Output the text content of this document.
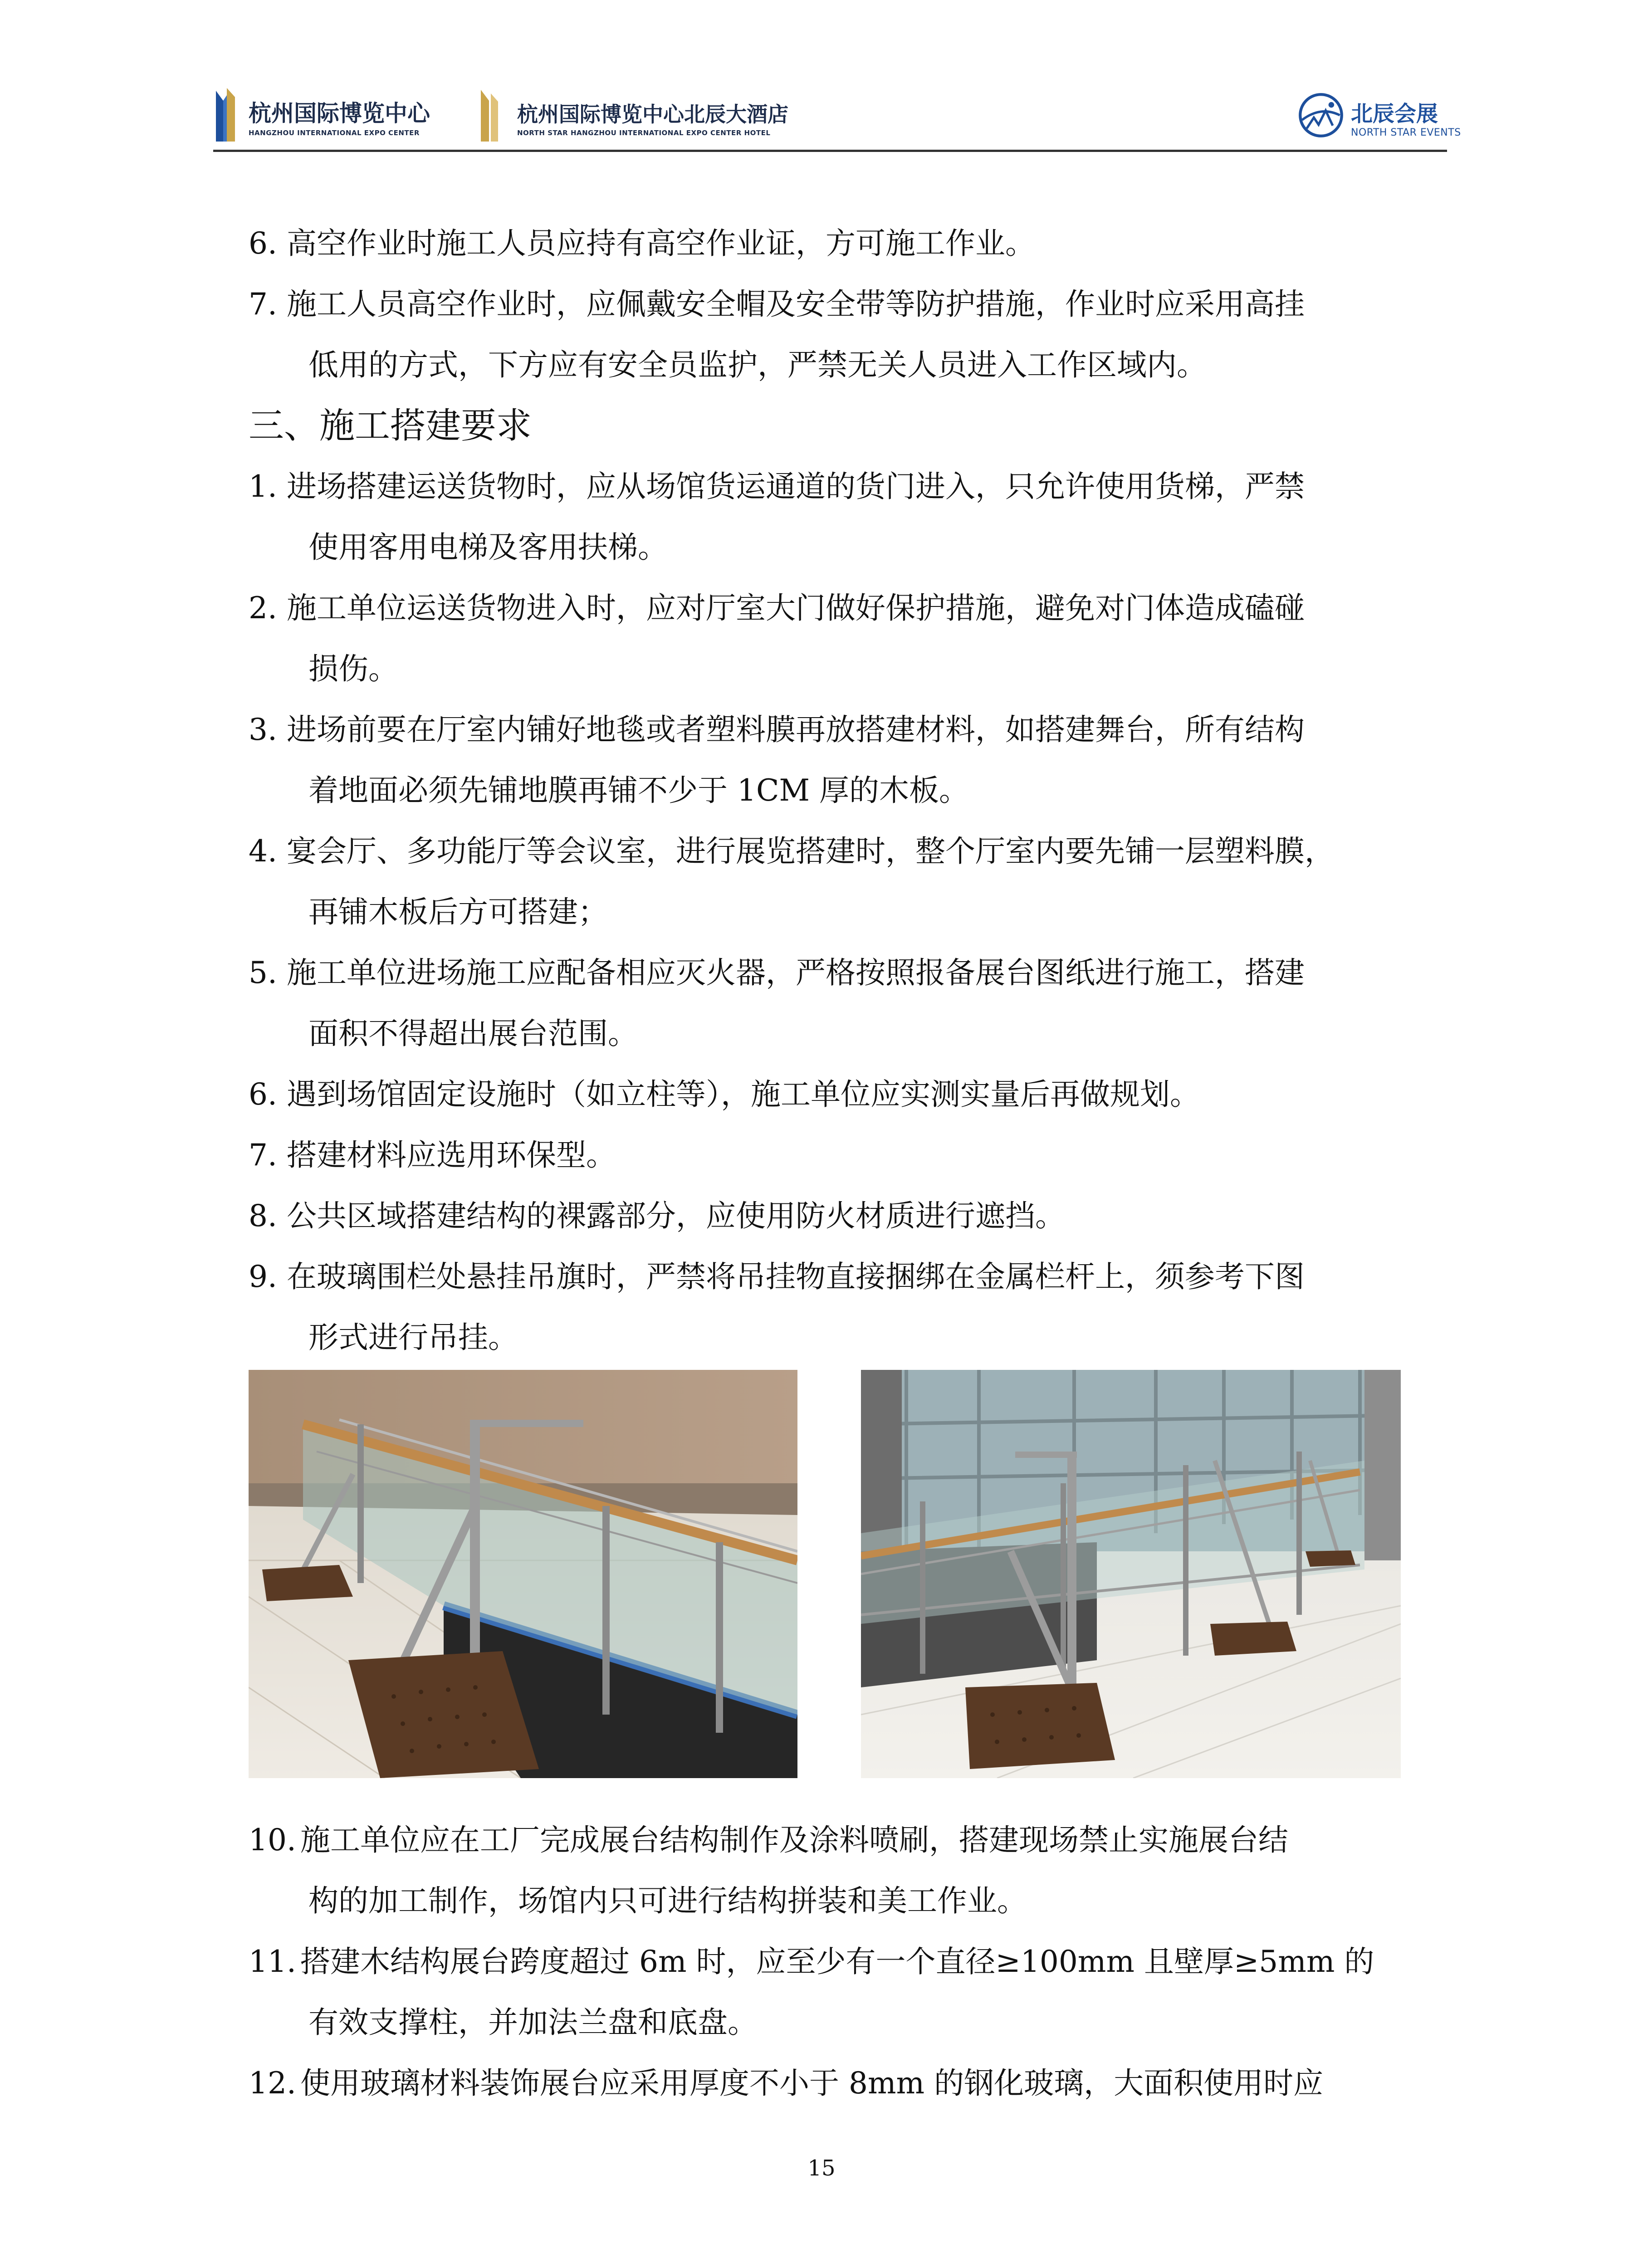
杭州国际博览中心
HANGZHOU INTERNATIONAL EXPO CENTER
杭州国际博览中心北辰大酒店
NORTH STAR HANGZHOU INTERNATIONAL EXPO CENTER HOTEL
北辰会展
NORTH STAR EVENTS
6. 高空作业时施工人员应持有高空作业证，方可施工作业。
7. 施工人员高空作业时，应佩戴安全帽及安全带等防护措施，作业时应采用高挂
低用的方式，下方应有安全员监护，严禁无关人员进入工作区域内。
三、施工搭建要求
1. 进场搭建运送货物时，应从场馆货运通道的货门进入，只允许使用货梯，严禁
使用客用电梯及客用扶梯。
2. 施工单位运送货物进入时，应对厅室大门做好保护措施，避免对门体造成磕碰
损伤。
3. 进场前要在厅室内铺好地毯或者塑料膜再放搭建材料，如搭建舞台，所有结构
着地面必须先铺地膜再铺不少于 1CM 厚的木板。
4. 宴会厅、多功能厅等会议室，进行展览搭建时，整个厅室内要先铺一层塑料膜，
再铺木板后方可搭建；
5. 施工单位进场施工应配备相应灭火器，严格按照报备展台图纸进行施工，搭建
面积不得超出展台范围。
6. 遇到场馆固定设施时（如立柱等），施工单位应实测实量后再做规划。
7. 搭建材料应选用环保型。
8. 公共区域搭建结构的裸露部分，应使用防火材质进行遮挡。
9. 在玻璃围栏处悬挂吊旗时，严禁将吊挂物直接捆绑在金属栏杆上，须参考下图
形式进行吊挂。
10. 施工单位应在工厂完成展台结构制作及涂料喷刷，搭建现场禁止实施展台结
构的加工制作，场馆内只可进行结构拼装和美工作业。
11. 搭建木结构展台跨度超过 6m 时，应至少有一个直径≥100mm 且壁厚≥5mm 的
有效支撑柱，并加法兰盘和底盘。
12. 使用玻璃材料装饰展台应采用厚度不小于 8mm 的钢化玻璃，大面积使用时应
15
